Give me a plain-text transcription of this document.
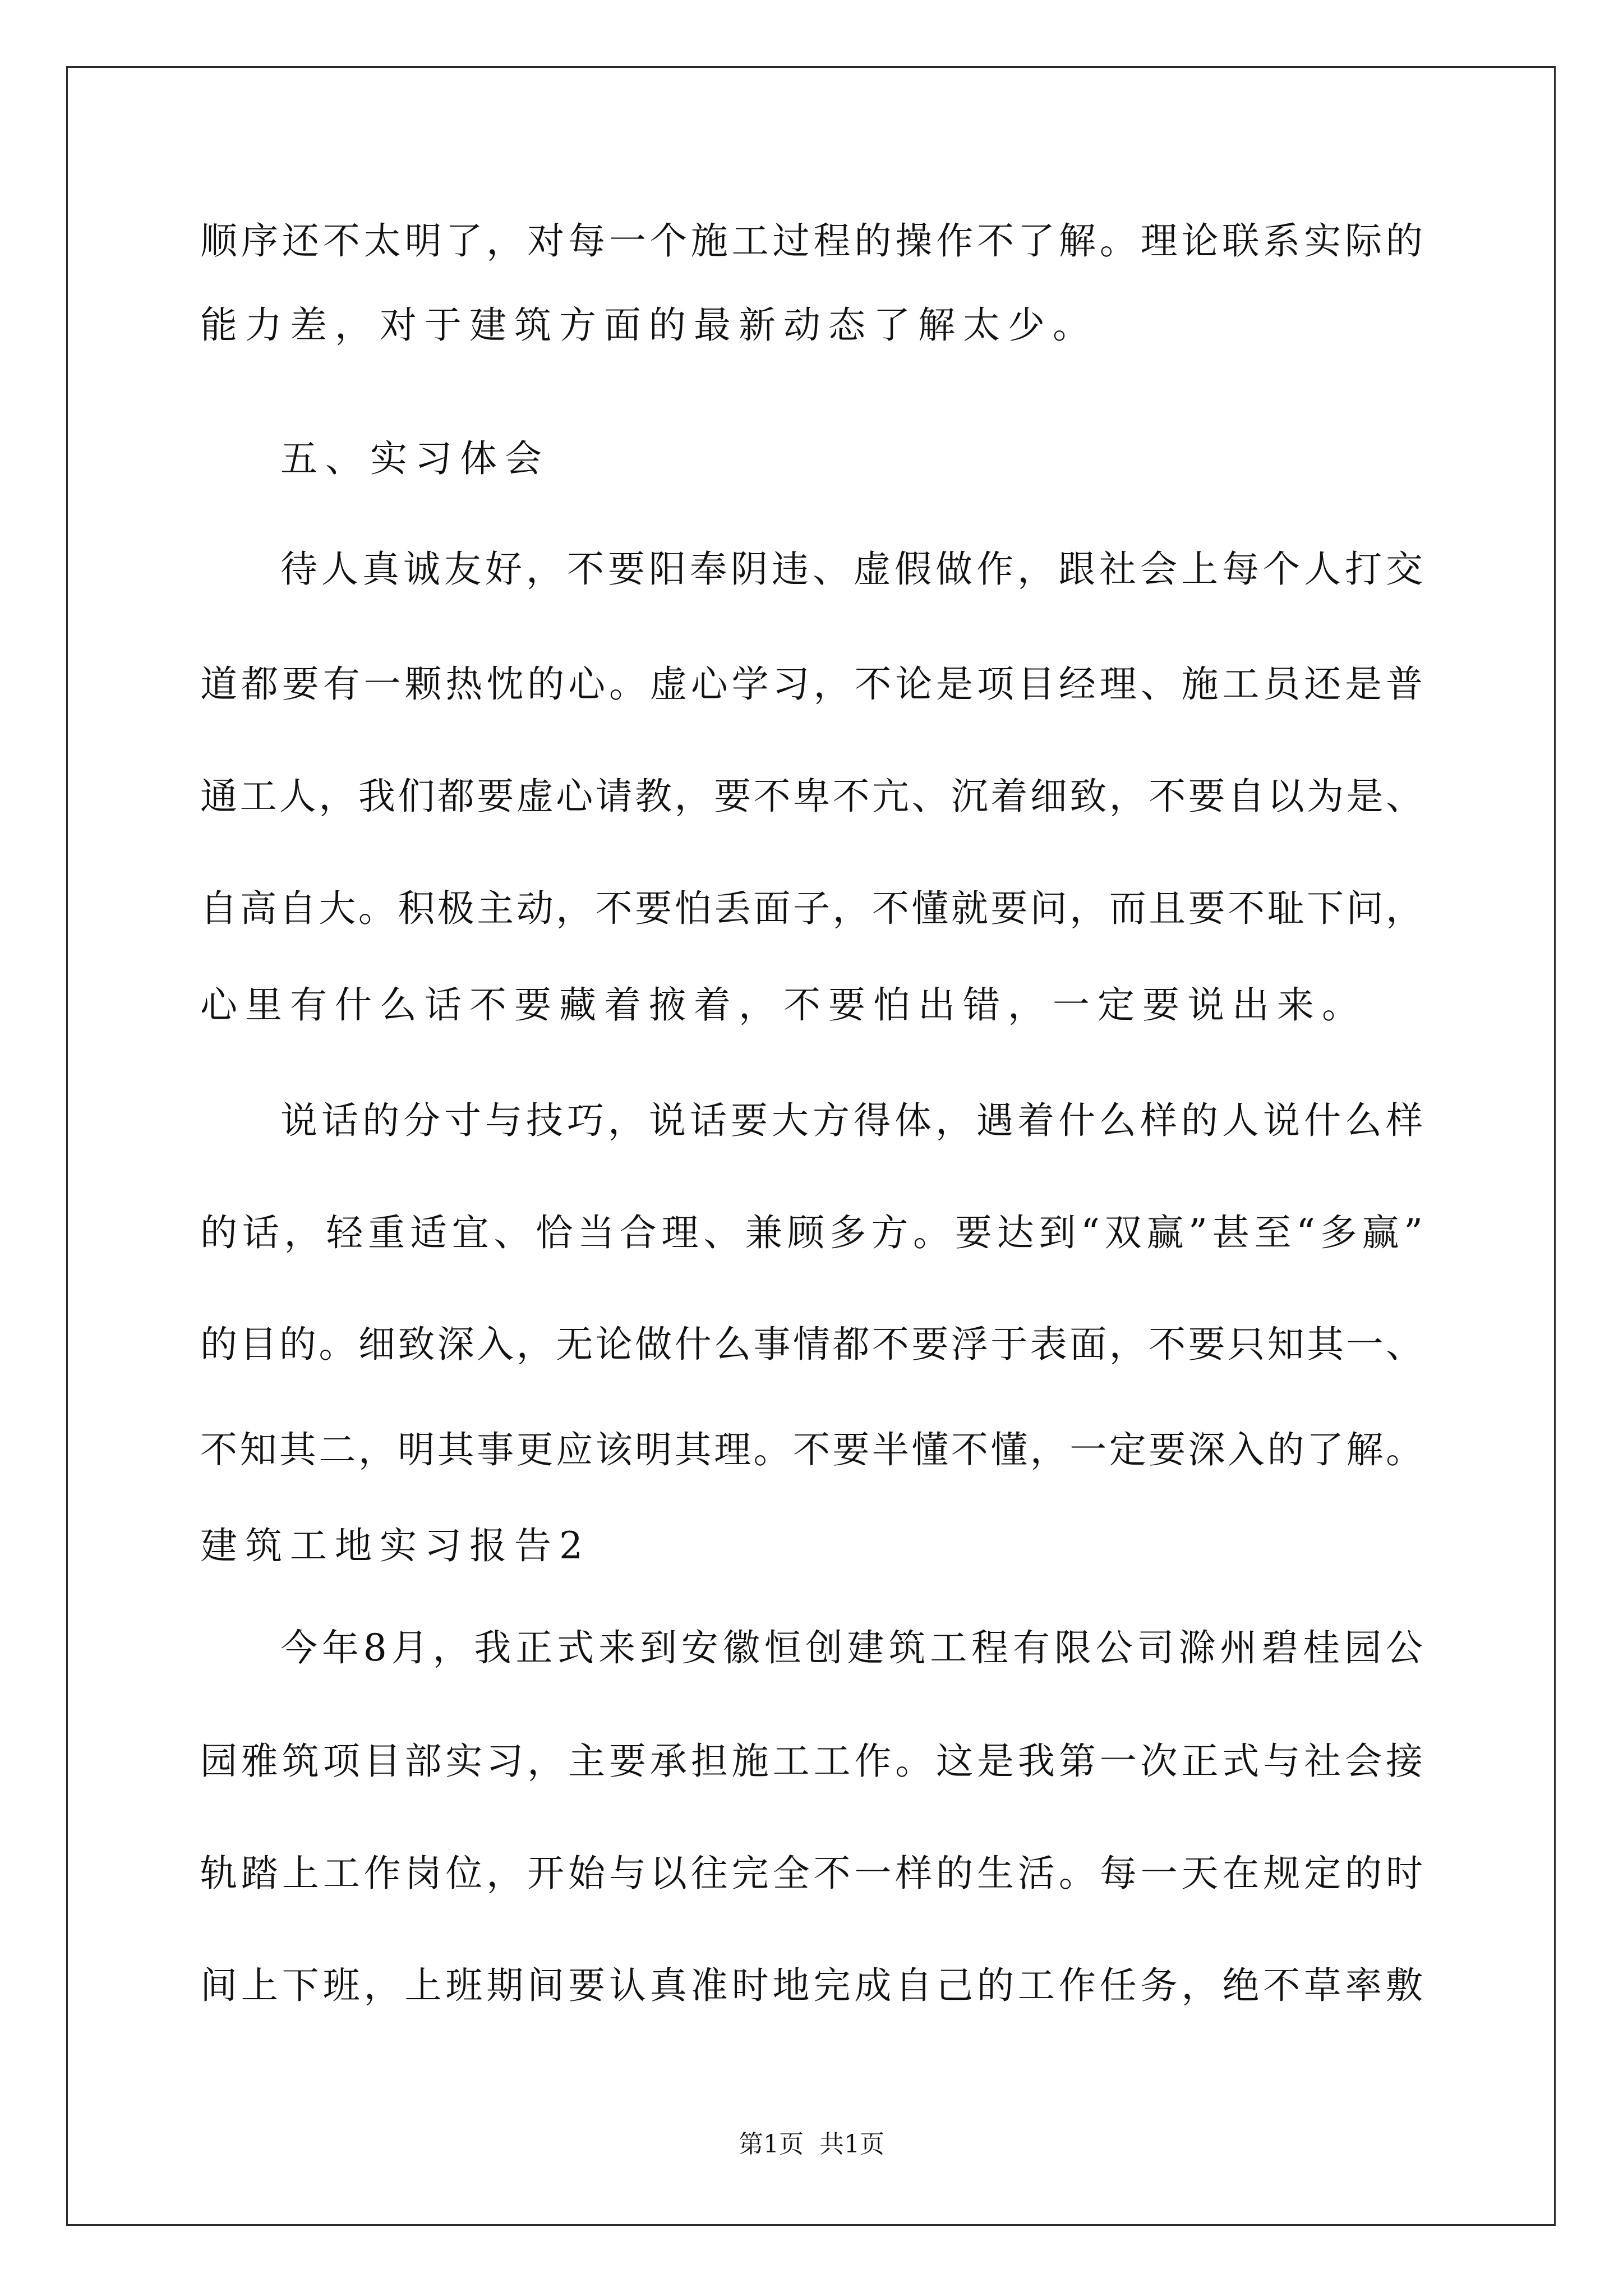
顺序还不太明了，对每一个施工过程的操作不了解。理论联系实际的
能力差，对于建筑方面的最新动态了解太少。
五、实习体会
待人真诚友好，不要阳奉阴违、虚假做作，跟社会上每个人打交
道都要有一颗热忱的心。虚心学习，不论是项目经理、施工员还是普
通工人，我们都要虚心请教，要不卑不亢、沉着细致，不要自以为是、
自高自大。积极主动，不要怕丢面子，不懂就要问，而且要不耻下问，
心里有什么话不要藏着掖着，不要怕出错，一定要说出来。
说话的分寸与技巧，说话要大方得体，遇着什么样的人说什么样
的话，轻重适宜、恰当合理、兼顾多方。要达到“双赢”甚至“多赢”
的目的。细致深入，无论做什么事情都不要浮于表面，不要只知其一、
不知其二，明其事更应该明其理。不要半懂不懂，一定要深入的了解。
建筑工地实习报告2
今年8月，我正式来到安徽恒创建筑工程有限公司滁州碧桂园公
园雅筑项目部实习，主要承担施工工作。这是我第一次正式与社会接
轨踏上工作岗位，开始与以往完全不一样的生活。每一天在规定的时
间上下班，上班期间要认真准时地完成自己的工作任务，绝不草率敷
第1页  共1页
